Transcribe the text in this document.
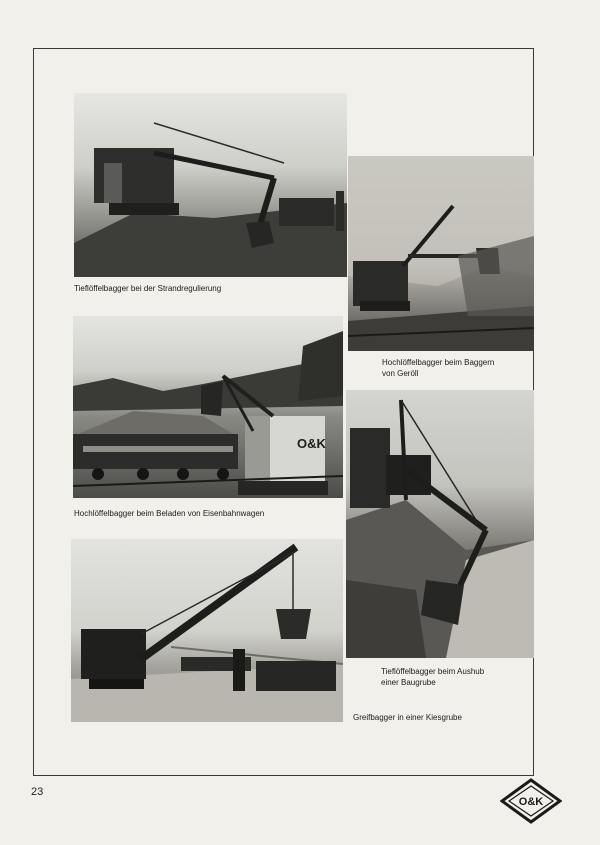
Tieflöffelbagger bei der Strandregulierung
Hochlöffelbagger beim Baggern
von Geröll
O&K
Hochlöffelbagger beim Beladen von Eisenbahnwagen
Tieflöffelbagger beim Aushub
einer Baugrube
Greifbagger in einer Kiesgrube
23
O&K
